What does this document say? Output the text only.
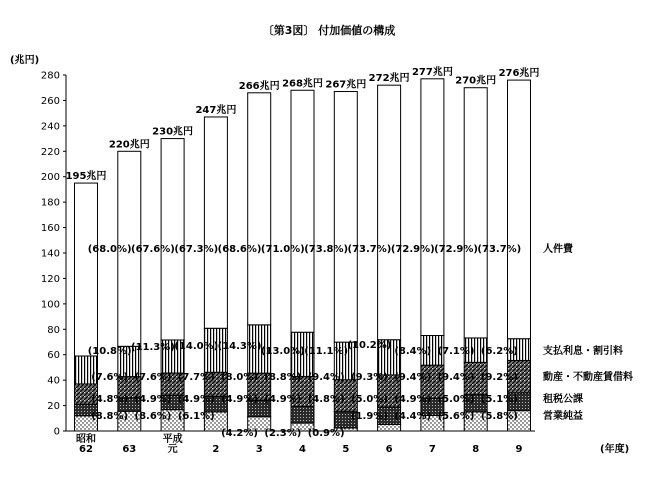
〔第3図〕 付加価値の構成
(兆円)
(年度)
0
20
40
60
80
100
120
140
160
180
200
220
240
260
280
195兆円
昭和
62
220兆円
63
230兆円
平成
元
247兆円
2
266兆円
3
268兆円
4
267兆円
5
272兆円
6
277兆円
7
270兆円
8
276兆円
9
(8.8%) (8.6%) (6.1%)
(4.2%) (2.3%) (0.9%)
(1.9%) (4.4%) (5.6%) (5.8%)
(4.8%) (4.9%) (4.9%) (4.9%) (4.9%) (4.8%) (5.0%) (4.9%) (5.0%) (5.1%)
(7.6%) (7.6%) (7.7%) (8.0%) (8.8%) (9.4%) (9.3%) (9.4%) (9.4%) (9.2%)
(10.8%) (11.3%) (14.0%) (14.3%) (13.0%) (11.1%)
(10.2%)
(8.4%) (7.1%) (6.2%)
(68.0%) (67.6%) (67.3%) (68.6%) (71.0%) (73.8%) (73.7%) (72.9%) (72.9%) (73.7%)
営業純益
租税公課
動産・不動産賃借料
支払利息・割引料
人件費
